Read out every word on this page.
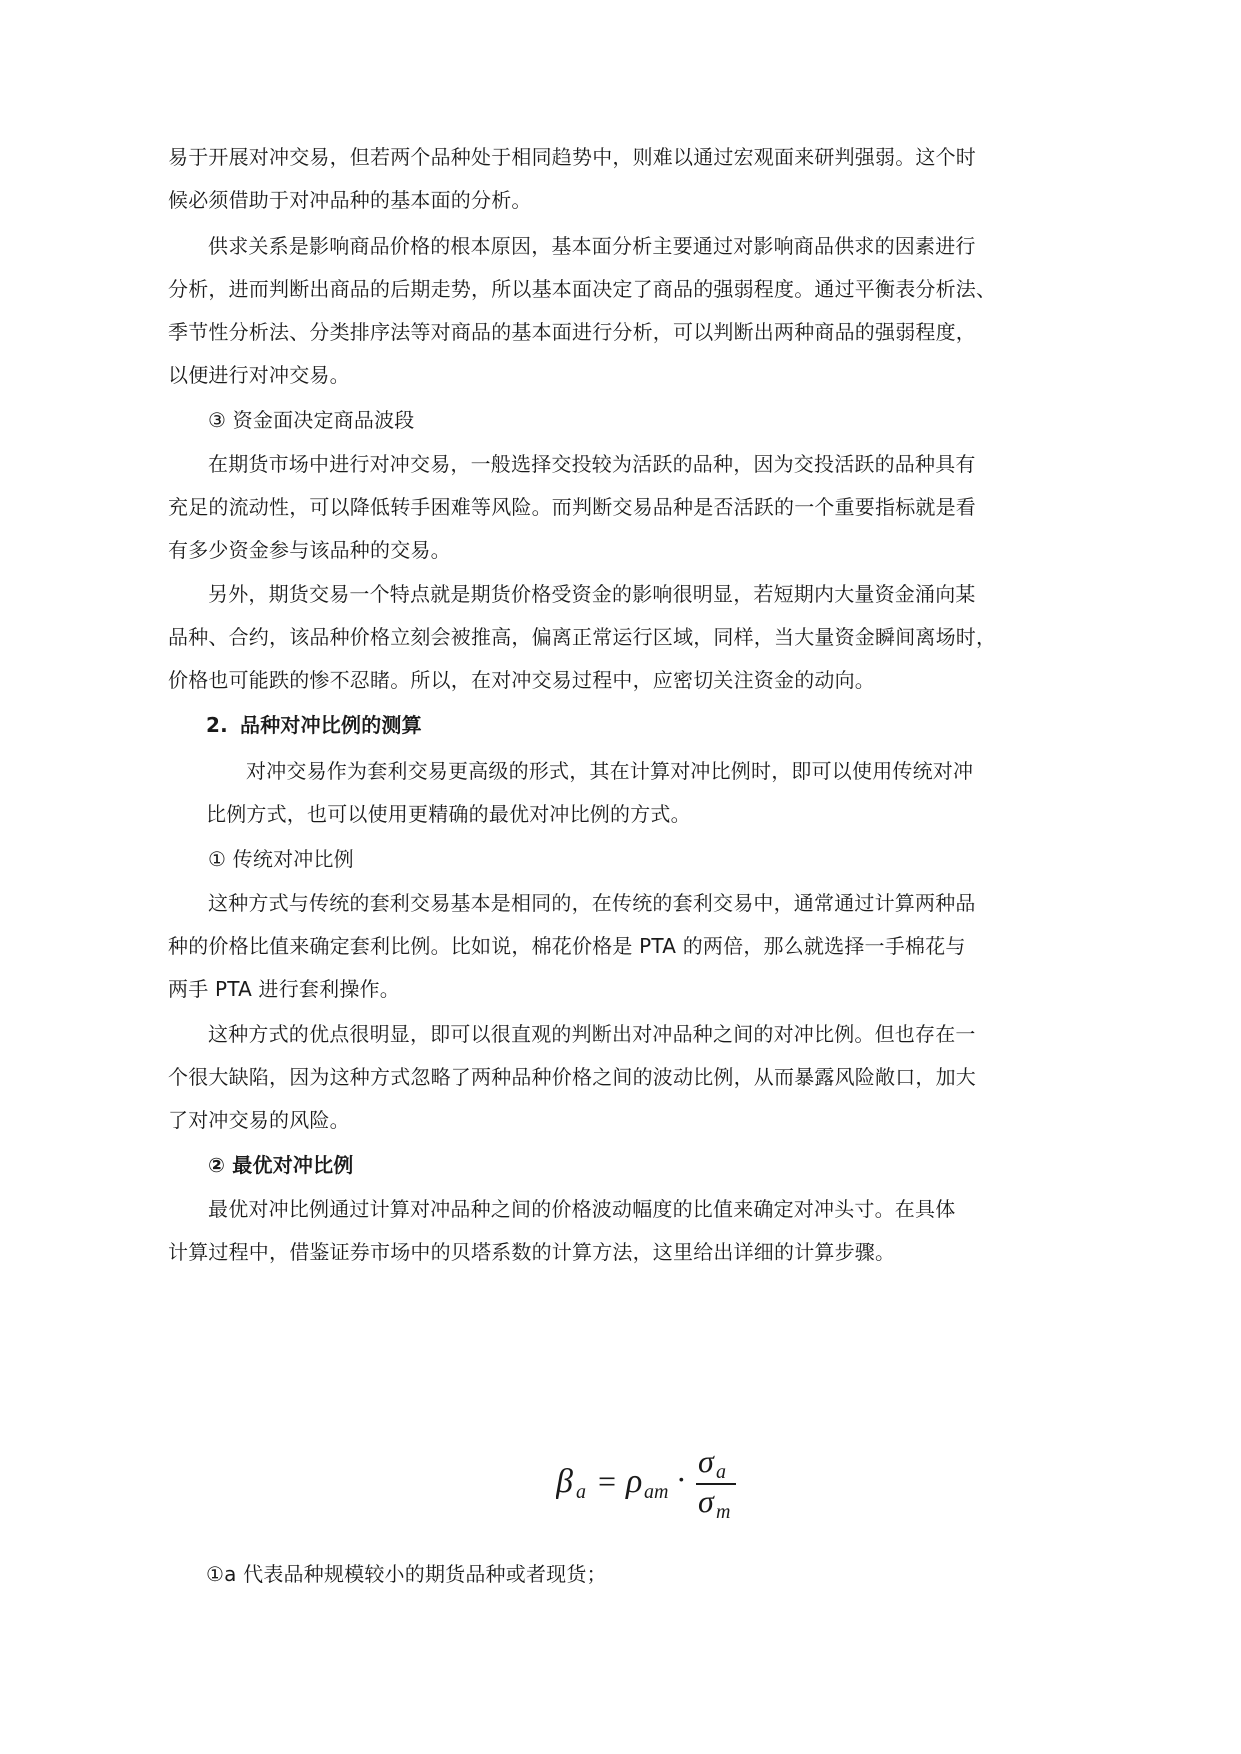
易于开展对冲交易，但若两个品种处于相同趋势中，则难以通过宏观面来研判强弱。这个时
候必须借助于对冲品种的基本面的分析。
供求关系是影响商品价格的根本原因，基本面分析主要通过对影响商品供求的因素进行
分析，进而判断出商品的后期走势，所以基本面决定了商品的强弱程度。通过平衡表分析法、
季节性分析法、分类排序法等对商品的基本面进行分析，可以判断出两种商品的强弱程度，
以便进行对冲交易。
③ 资金面决定商品波段
在期货市场中进行对冲交易，一般选择交投较为活跃的品种，因为交投活跃的品种具有
充足的流动性，可以降低转手困难等风险。而判断交易品种是否活跃的一个重要指标就是看
有多少资金参与该品种的交易。
另外，期货交易一个特点就是期货价格受资金的影响很明显，若短期内大量资金涌向某
品种、合约，该品种价格立刻会被推高，偏离正常运行区域，同样，当大量资金瞬间离场时，
价格也可能跌的惨不忍睹。所以，在对冲交易过程中，应密切关注资金的动向。
2. 品种对冲比例的测算
对冲交易作为套利交易更高级的形式，其在计算对冲比例时，即可以使用传统对冲
比例方式，也可以使用更精确的最优对冲比例的方式。
① 传统对冲比例
这种方式与传统的套利交易基本是相同的，在传统的套利交易中，通常通过计算两种品
种的价格比值来确定套利比例。比如说，棉花价格是 PTA 的两倍，那么就选择一手棉花与
两手 PTA 进行套利操作。
这种方式的优点很明显，即可以很直观的判断出对冲品种之间的对冲比例。但也存在一
个很大缺陷，因为这种方式忽略了两种品种价格之间的波动比例，从而暴露风险敞口，加大
了对冲交易的风险。
② 最优对冲比例
最优对冲比例通过计算对冲品种之间的价格波动幅度的比值来确定对冲头寸。在具体
计算过程中，借鉴证券市场中的贝塔系数的计算方法，这里给出详细的计算步骤。
β a = ρ am · σ a
σ m
①a 代表品种规模较小的期货品种或者现货；
